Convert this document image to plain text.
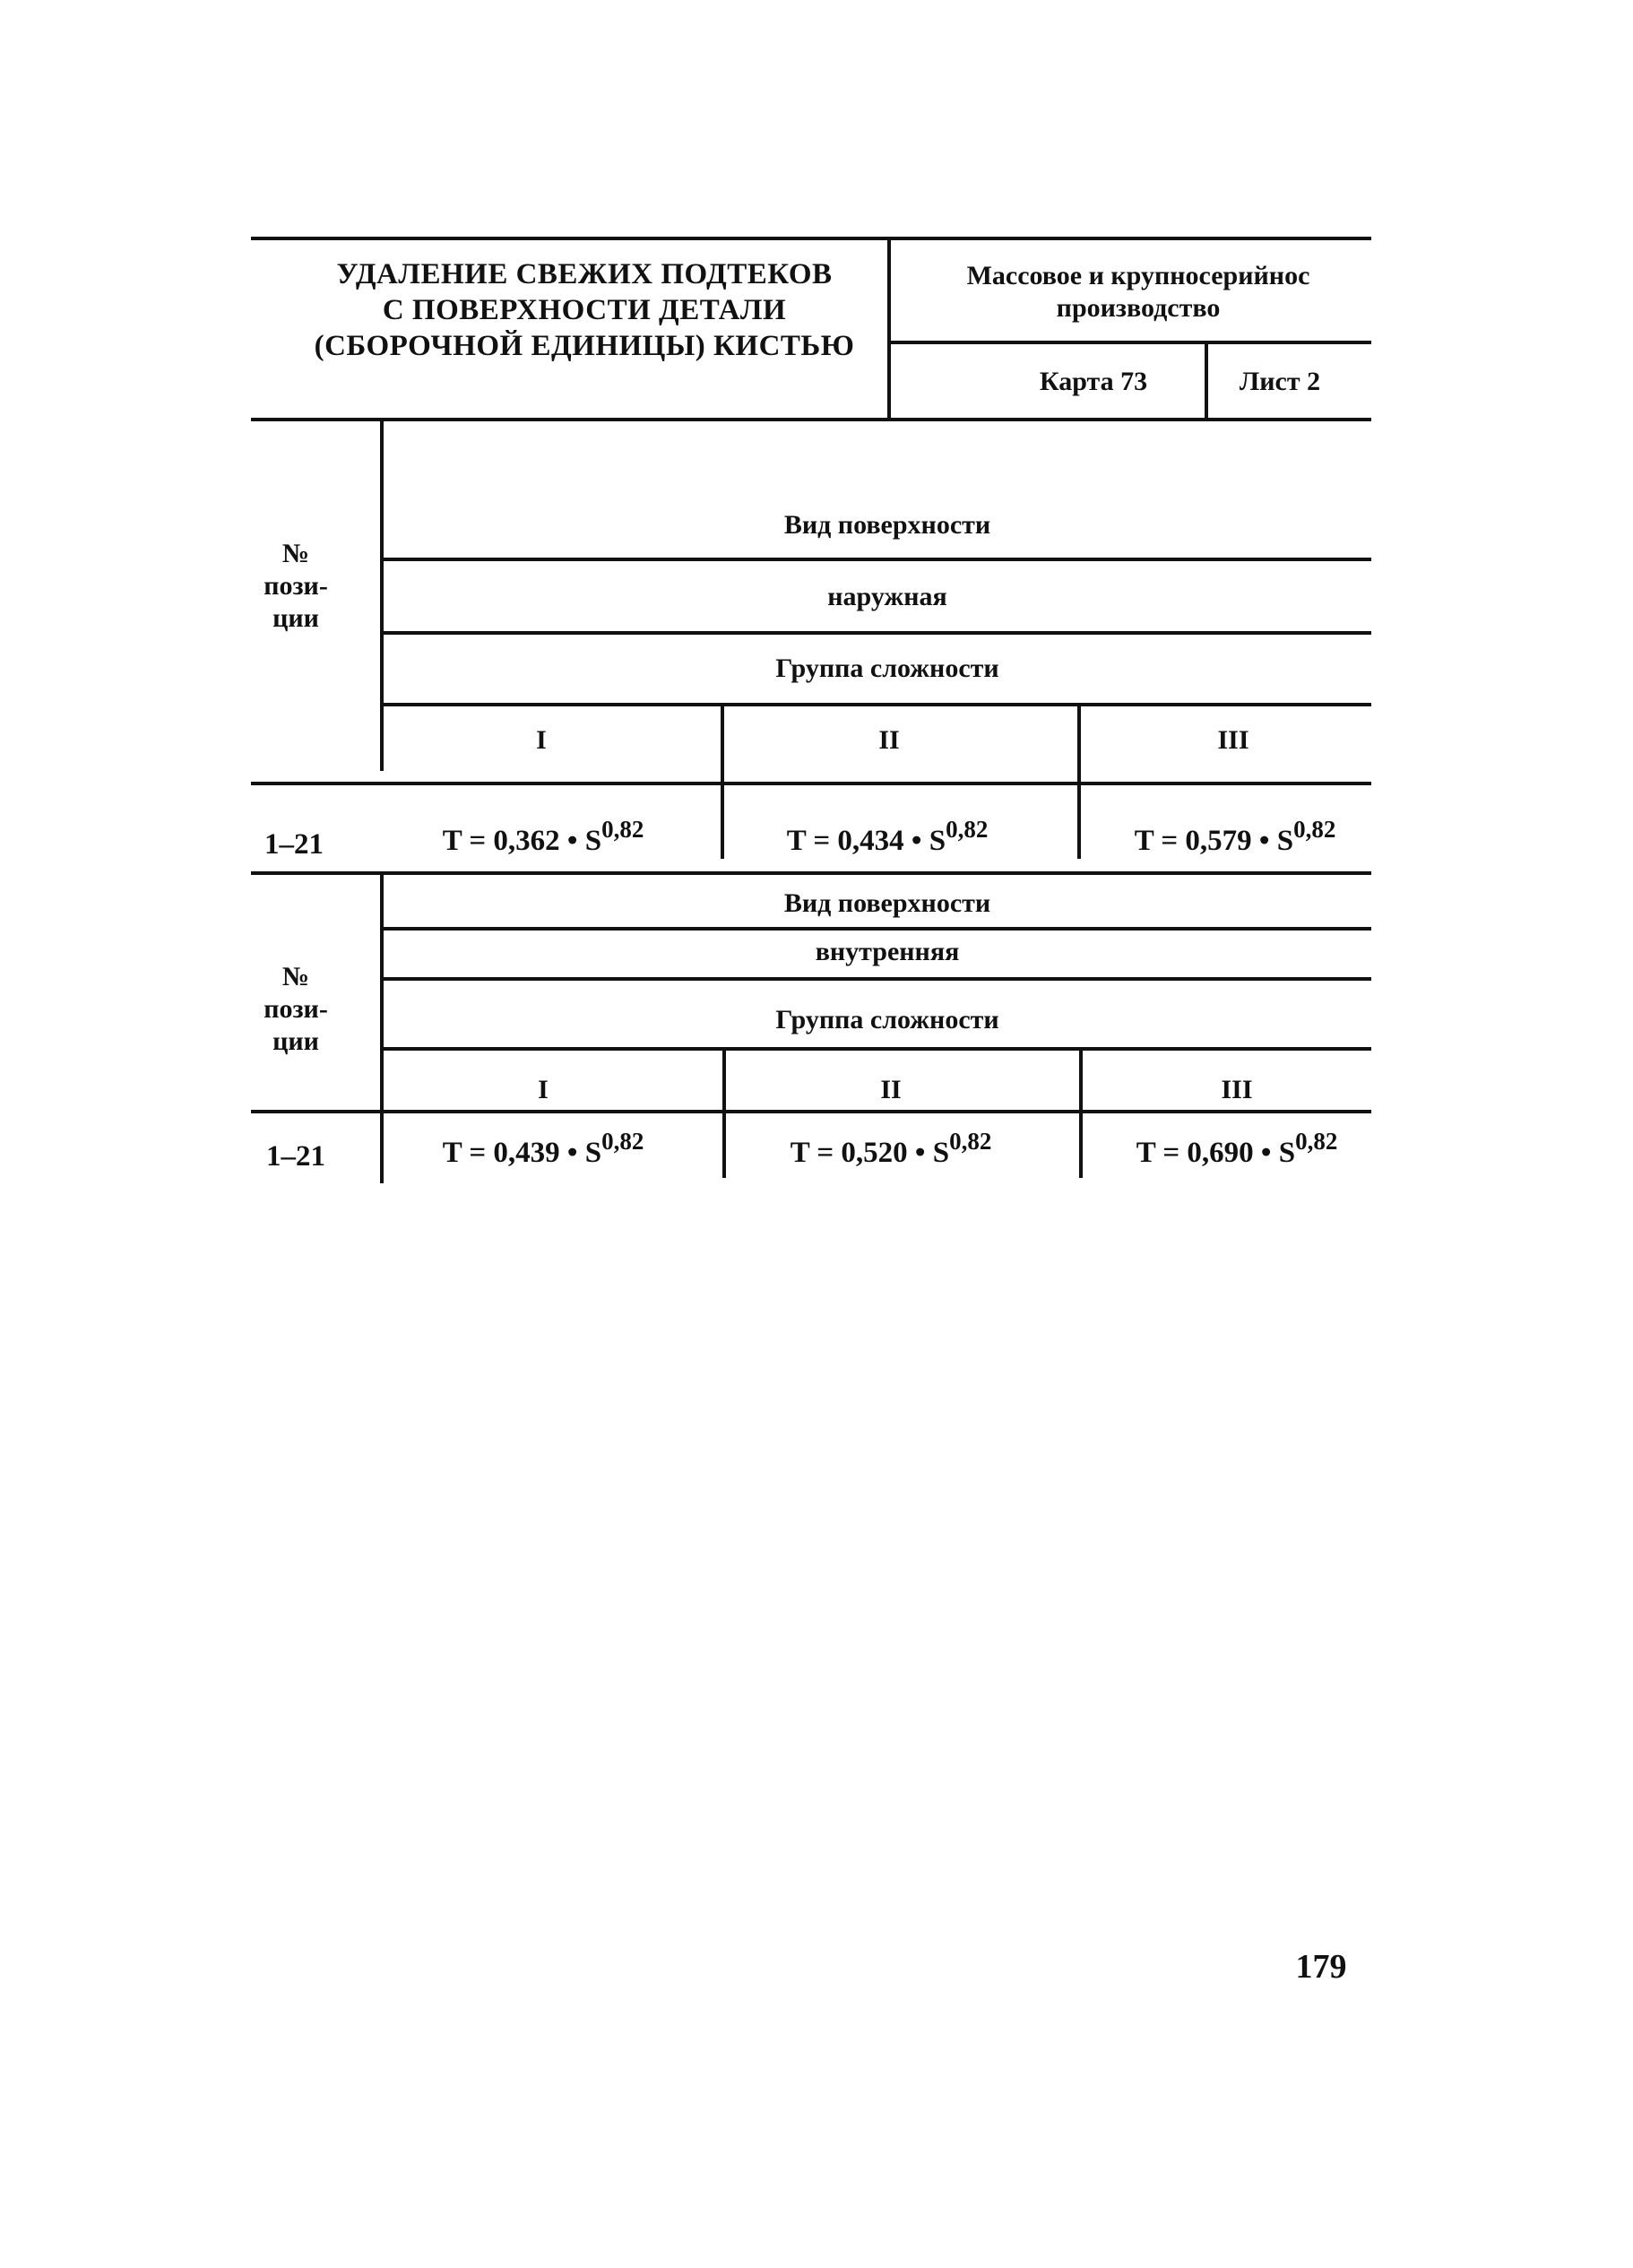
УДАЛЕНИЕ СВЕЖИХ ПОДТЕКОВ
С ПОВЕРХНОСТИ ДЕТАЛИ
(СБОРОЧНОЙ ЕДИНИЦЫ) КИСТЬЮ
Массовое и крупносерийнос
производство
Карта 73	Лист 2
№
пози-
ции
Вид поверхности
наружная
Группа сложности
I	II	III
1–21	T = 0,362 • S$^{0,82}$	T = 0,434 • S$^{0,82}$	T = 0,579 • S$^{0,82}$
№
пози-
ции
Вид поверхности
внутренняя
Группа сложности
I	II	III
1–21	T = 0,439 • S$^{0,82}$	T = 0,520 • S$^{0,82}$	T = 0,690 • S$^{0,82}$
179
